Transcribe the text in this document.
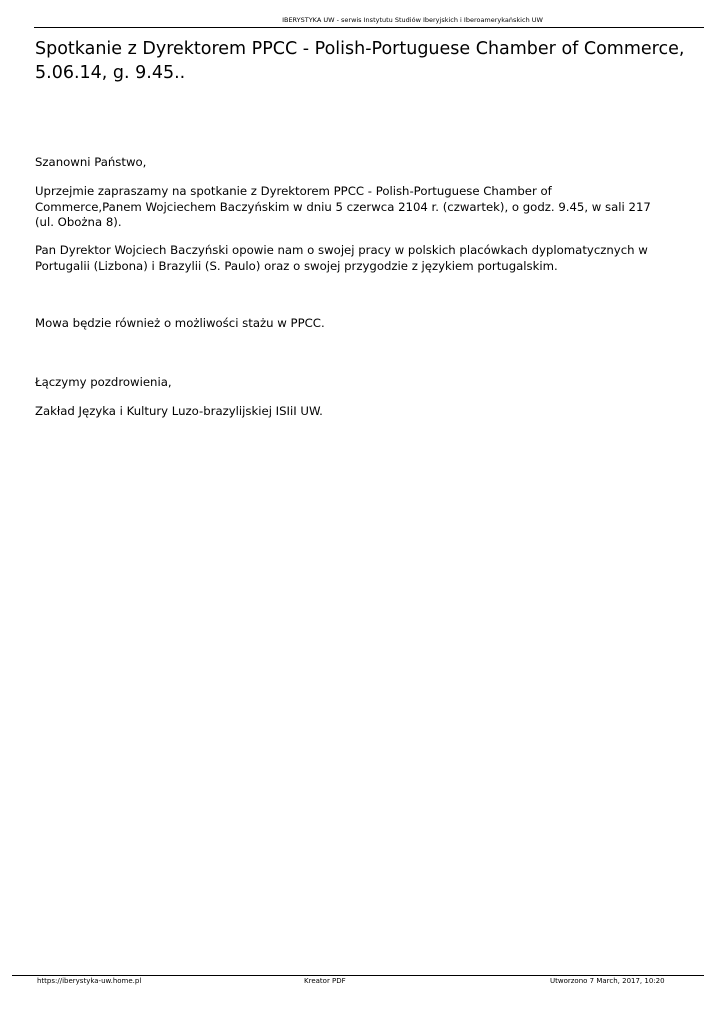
IBERYSTYKA UW - serwis Instytutu Studiów Iberyjskich i Iberoamerykańskich UW
Spotkanie z Dyrektorem PPCC - Polish-Portuguese Chamber of Commerce,
5.06.14, g. 9.45..

Szanowni Państwo,

Uprzejmie zapraszamy na spotkanie z Dyrektorem PPCC - Polish-Portuguese Chamber of
Commerce,Panem Wojciechem Baczyńskim w dniu 5 czerwca 2104 r. (czwartek), o godz. 9.45, w sali 217
(ul. Obożna 8).

Pan Dyrektor Wojciech Baczyński opowie nam o swojej pracy w polskich placówkach dyplomatycznych w
Portugalii (Lizbona) i Brazylii (S. Paulo) oraz o swojej przygodzie z językiem portugalskim.

Mowa będzie również o możliwości stażu w PPCC.

Łączymy pozdrowienia,

Zakład Języka i Kultury Luzo-brazylijskiej ISIiI UW.

https://iberystyka-uw.home.pl	Kreator PDF	Utworzono 7 March, 2017, 10:20
